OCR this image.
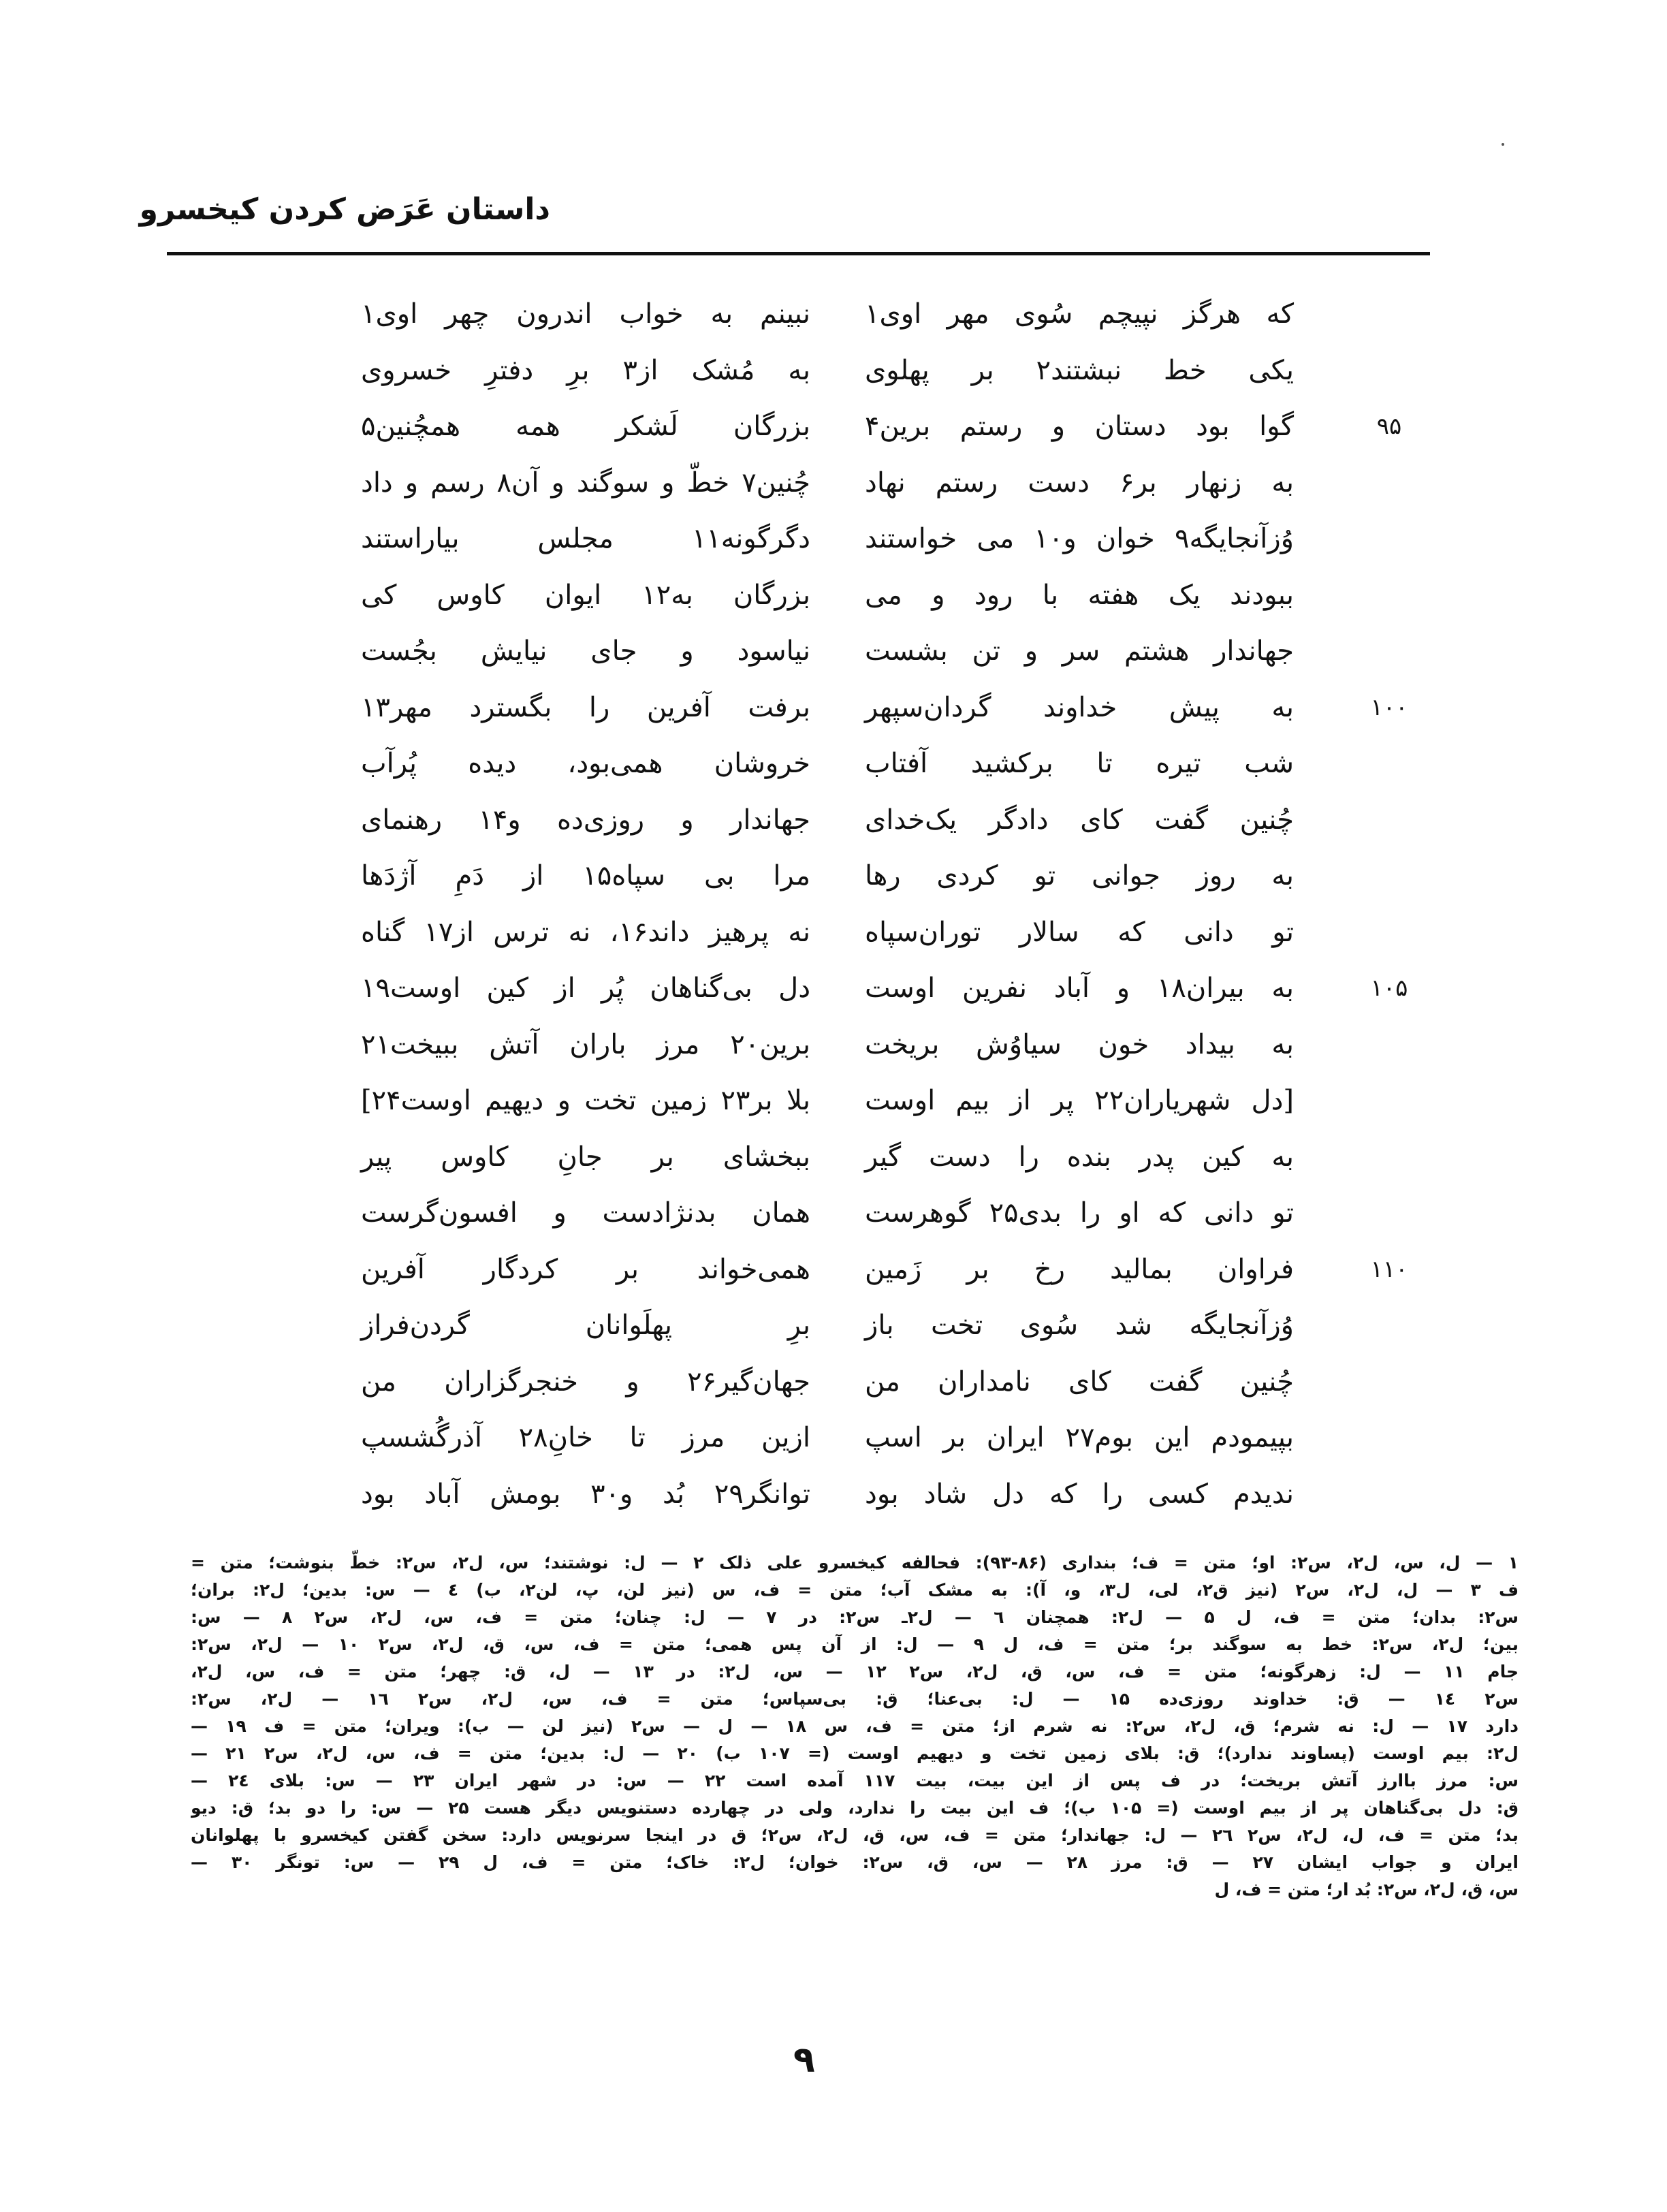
داستان عَرَض کردن کیخسرو
که هرگز نپیچم سُوی مهر اوی۱
نبینم به خواب اندرون چهر اوی۱
یکی خط نبشتند۲ بر پهلوی
به مُشک از۳ برِ دفترِ خسروی
۹۵
گوا بود دستان و رستم برین۴
بزرگان لَشکر همه همچُنین۵
به زنهار بر۶ دست رستم نهاد
چُنین۷ خطّ و سوگند و آن۸ رسم و داد
وُزآنجایگه۹ خوان و۱۰ می خواستند
دگرگونه۱۱ مجلس بیاراستند
ببودند یک هفته با رود و می
بزرگان به۱۲ ایوان کاوس کی
جهاندار هشتم سر و تن بشست
نیاسود و جای نیایش بجُست
۱۰۰
به پیش خداوند گردان‌سپهر
برفت آفرین را بگسترد مهر۱۳
شب تیره تا برکشید آفتاب
خروشان همی‌بود، دیده پُرآب
چُنین گفت کای دادگر یک‌خدای
جهاندار و روزی‌ده و۱۴ رهنمای
به روز جوانی تو کردی رها
مرا بی سپاه۱۵ از دَمِ آژدَها
تو دانی که سالار توران‌سپاه
نه پرهیز داند۱۶، نه ترس از۱۷ گناه
۱۰۵
به بیران۱۸ و آباد نفرین اوست
دل بی‌گناهان پُر از کین اوست۱۹
به بیداد خون سیاوُش بریخت
برین۲۰ مرز باران آتش ببیخت۲۱
[دل شهریاران۲۲ پر از بیم اوست
بلا بر۲۳ زمین تخت و دیهیم اوست۲۴]
به کین پدر بنده را دست گیر
ببخشای بر جانِ کاوس پیر
تو دانی که او را بدی۲۵ گوهرست
همان بدنژادست و افسون‌گرست
۱۱۰
فراوان بمالید رخ بر زَمین
همی‌خواند بر کردگار آفرین
وُزآنجایگه شد سُوی تخت باز
برِ پهلَوانان گردن‌فراز
چُنین گفت کای نامداران من
جهان‌گیر۲۶ و خنجرگزاران من
بپیمودم این بوم۲۷ ایران بر اسپ
ازین مرز تا خانِ۲۸ آذرگُشسپ
ندیدم کسی را که دل شاد بود
توانگر۲۹ بُد و۳۰ بومش آباد بود
۱ — ل، س، ل۲، س۲: او؛ متن = ف؛ بنداری (۸۶-۹۳): فحالفه کیخسرو علی ذلک ۲ — ل: نوشتند؛ س، ل۲، س۲: خطّ بنوشت؛ متن =
ف ۳ — ل، ل۲، س۲ (نیز ق۲، لی، ل۳، و، آ): به مشک آب؛ متن = ف، س (نیز لن، پ، لن۲، ب) ٤ — س: بدین؛ ل۲: بران؛
س۲: بدان؛ متن = ف، ل ۵ — ل۲: همچنان ٦ — ل۲ـ س۲: در ۷ — ل: چنان؛ متن = ف، س، ل۲، س۲ ۸ — س:
بین؛ ل۲، س۲: خط به سوگند بر؛ متن = ف، ل ۹ — ل: از آن پس همی؛ متن = ف، س، ق، ل۲، س۲ ۱۰ — ل۲، س۲:
جام ۱۱ — ل: زهرگونه؛ متن = ف، س، ق، ل۲، س۲ ۱۲ — س، ل۲: در ۱۳ — ل، ق: چهر؛ متن = ف، س، ل۲،
س۲ ۱٤ — ق: خداوند روزی‌ده ۱۵ — ل: بی‌عنا؛ ق: بی‌سپاس؛ متن = ف، س، ل۲، س۲ ۱٦ — ل۲، س۲:
دارد ۱۷ — ل: نه شرم؛ ق، ل۲، س۲: نه شرم از؛ متن = ف، س ۱۸ — ل — س۲ (نیز لن — ب): ویران؛ متن = ف ۱۹ —
ل۲: بیم اوست (پساوند ندارد)؛ ق: بلای زمین تخت و دیهیم اوست (= ۱۰۷ ب) ۲۰ — ل: بدین؛ متن = ف، س، ل۲، س۲ ۲۱ —
س: مرز باارز آتش بریخت؛ در ف پس از این بیت، بیت ۱۱۷ آمده است ۲۲ — س: در شهر ایران ۲۳ — س: بلای ۲٤ —
ق: دل بی‌گناهان پر از بیم اوست (= ۱۰۵ ب)؛ ف این بیت را ندارد، ولی در چهارده دستنویس دیگر هست ۲۵ — س: را دو بد؛ ق: دیو
بد؛ متن = ف، ل، ل۲، س۲ ۲٦ — ل: جهاندار؛ متن = ف، س، ق، ل۲، س۲؛ ق در اینجا سرنویس دارد: سخن گفتن کیخسرو با پهلوانان
ایران و جواب ایشان ۲۷ — ق: مرز ۲۸ — س، ق، س۲: خوان؛ ل۲: خاک؛ متن = ف، ل ۲۹ — س: تونگر ۳۰ —
س، ق، ل۲، س۲: بُد ار؛ متن = ف، ل
۹
